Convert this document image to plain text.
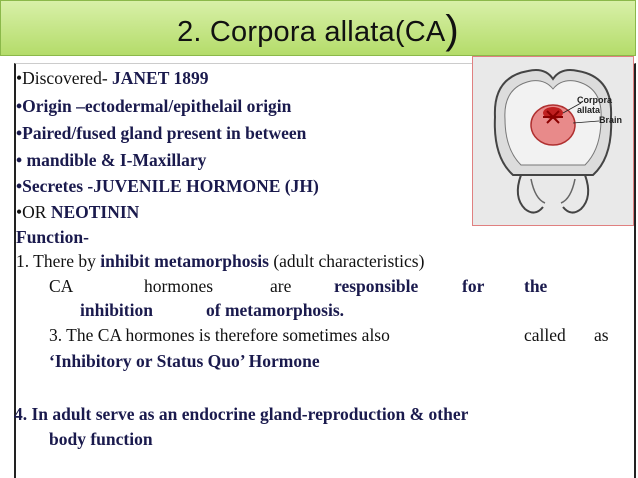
2. Corpora allata(CA)
Corpora allata
Brain
•Discovered- JANET 1899
•Origin –ectodermal/epithelail origin
•Paired/fused gland present in between
• mandible & I-Maxillary
•Secretes -JUVENILE HORMONE (JH)
•OR NEOTININ
Function-
1. There by inhibit metamorphosis (adult characteristics)
CA	hormones	are responsible for the
inhibition	of metamorphosis.
3. The CA hormones is therefore sometimes also	called as
‘Inhibitory or Status Quo’ Hormone
4. In adult serve as an endocrine gland-reproduction & other
body function
